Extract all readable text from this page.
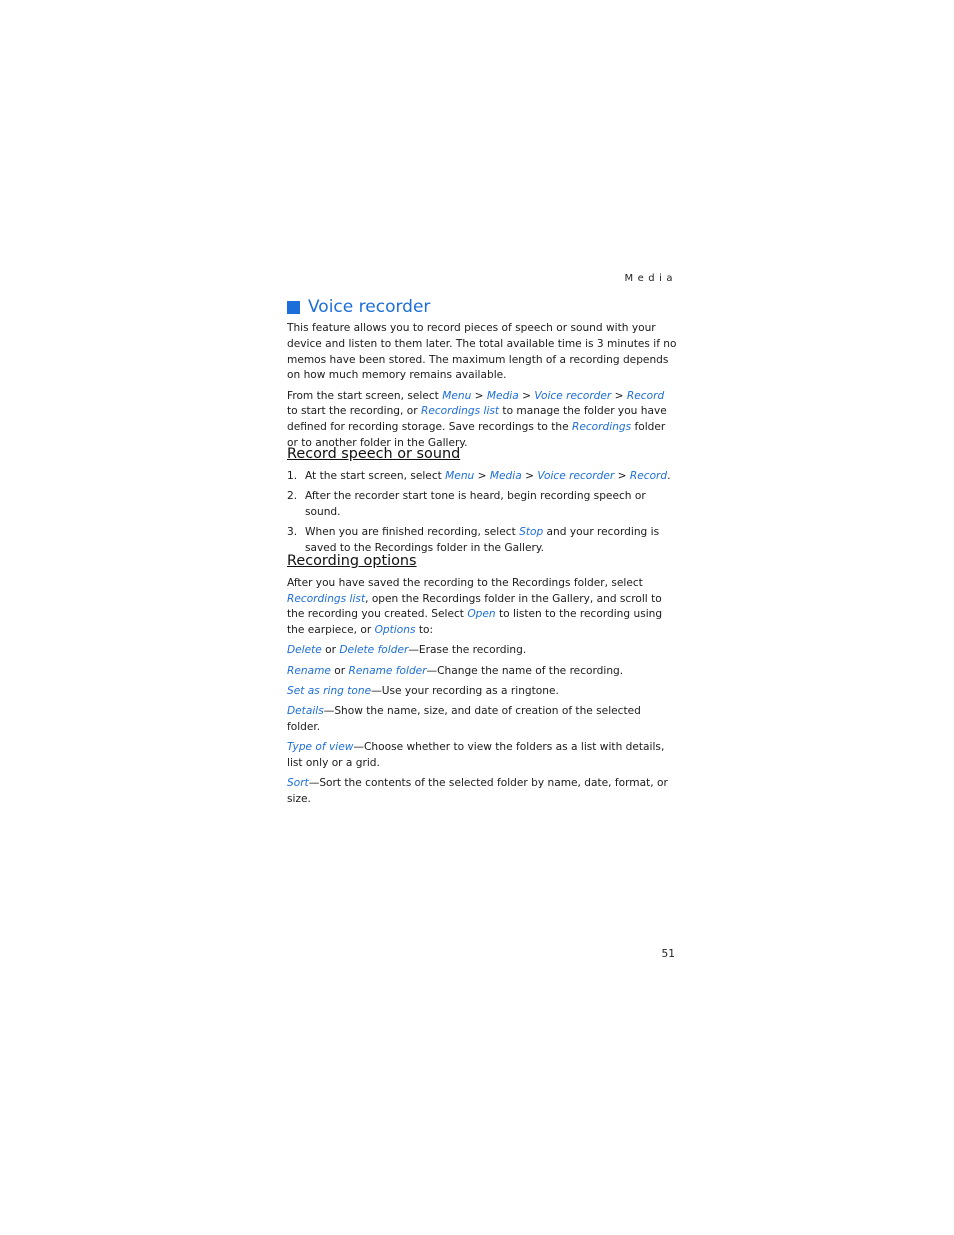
Media
Voice recorder

This feature allows you to record pieces of speech or sound with your device and listen to them later. The total available time is 3 minutes if no memos have been stored. The maximum length of a recording depends on how much memory remains available.

From the start screen, select Menu > Media > Voice recorder > Record to start the recording, or Recordings list to manage the folder you have defined for recording storage. Save recordings to the Recordings folder or to another folder in the Gallery.

Record speech or sound
1. At the start screen, select Menu > Media > Voice recorder > Record.
2. After the recorder start tone is heard, begin recording speech or sound.
3. When you are finished recording, select Stop and your recording is saved to the Recordings folder in the Gallery.
Recording options

After you have saved the recording to the Recordings folder, select Recordings list, open the Recordings folder in the Gallery, and scroll to the recording you created. Select Open to listen to the recording using the earpiece, or Options to:

Delete or Delete folder—Erase the recording.

Rename or Rename folder—Change the name of the recording.

Set as ring tone—Use your recording as a ringtone.

Details—Show the name, size, and date of creation of the selected folder.

Type of view—Choose whether to view the folders as a list with details, list only or a grid.

Sort—Sort the contents of the selected folder by name, date, format, or size.

51
